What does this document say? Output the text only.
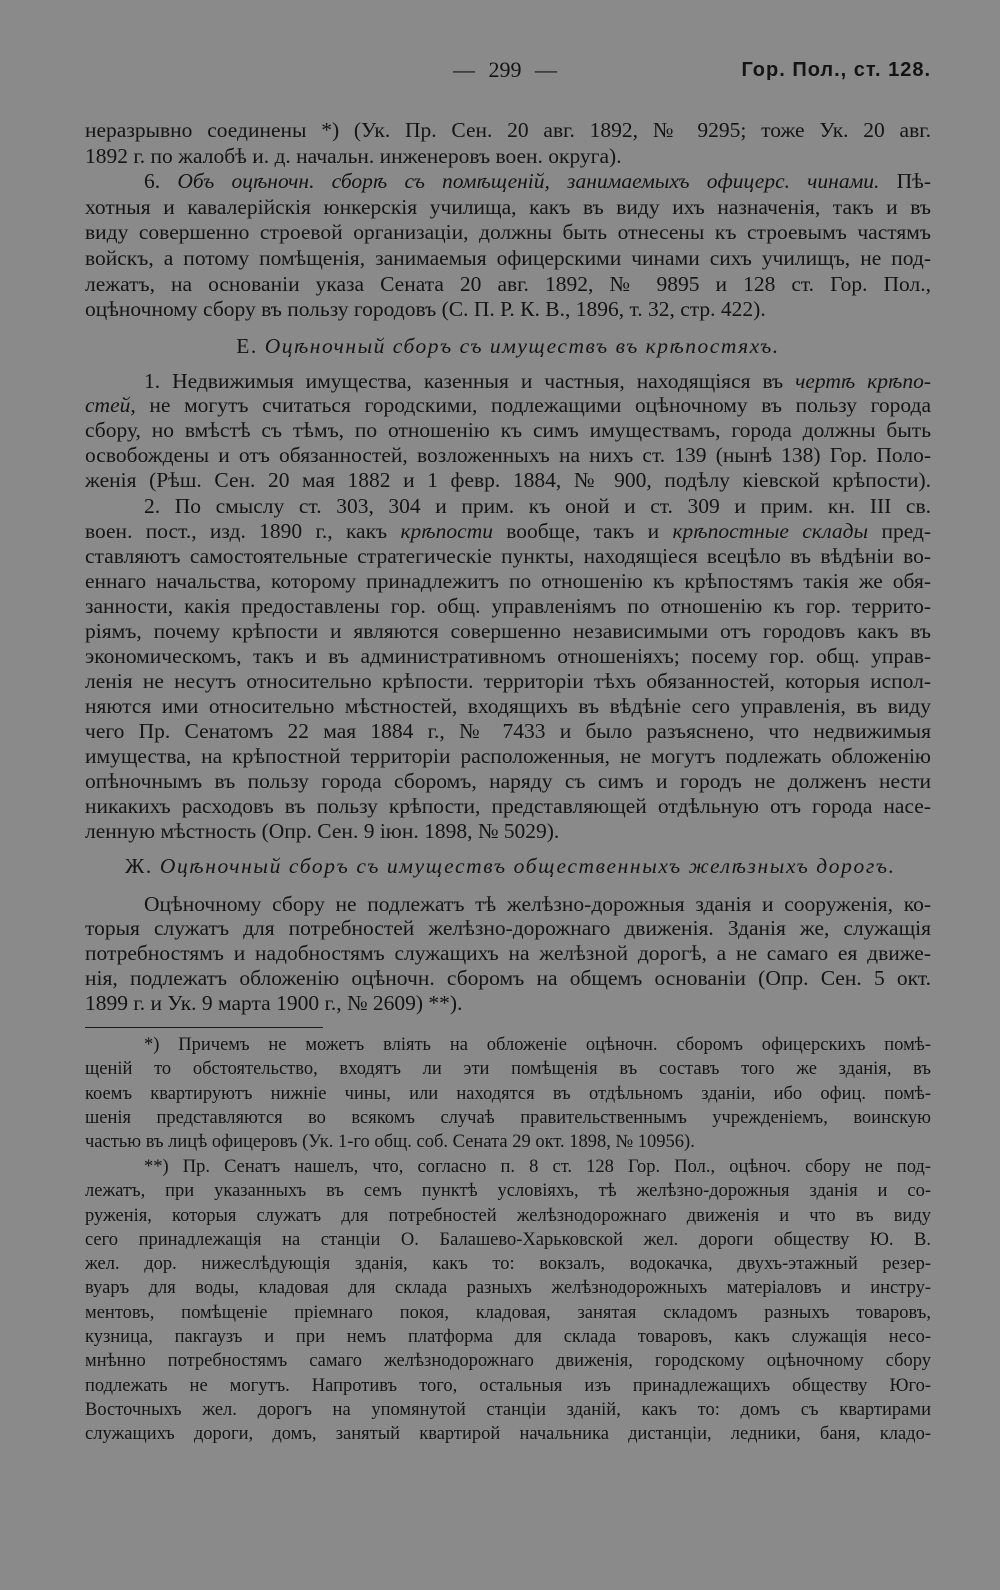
— 299 —	Гор. Пол., ст. 128.
неразрывно соединены *) (Ук. Пр. Сен. 20 авг. 1892, № 9295; тоже Ук. 20 авг.
1892 г. по жалобѣ и. д. начальн. инженеровъ воен. округа).
6. Объ оцѣночн. сборѣ съ помѣщеній, занимаемыхъ офицерс. чинами. Пѣ-
хотныя и кавалерійскія юнкерскія училища, какъ въ виду ихъ назначенія, такъ и въ
виду совершенно строевой организаціи, должны быть отнесены къ строевымъ частямъ
войскъ, а потому помѣщенія, занимаемыя офицерскими чинами сихъ училищъ, не под-
лежатъ, на основаніи указа Сената 20 авг. 1892, № 9895 и 128 ст. Гор. Пол.,
оцѣночному сбору въ пользу городовъ (С. П. Р. К. В., 1896, т. 32, стр. 422).
Е. Оцѣночный сборъ съ имуществъ въ крѣпостяхъ.
1. Недвижимыя имущества, казенныя и частныя, находящіяся въ чертѣ крѣпо-
стей, не могутъ считаться городскими, подлежащими оцѣночному въ пользу города
сбору, но вмѣстѣ съ тѣмъ, по отношенію къ симъ имуществамъ, города должны быть
освобождены и отъ обязанностей, возложенныхъ на нихъ ст. 139 (нынѣ 138) Гор. Поло-
женія (Рѣш. Сен. 20 мая 1882 и 1 февр. 1884, № 900, подѣлу кіевской крѣпости).
2. По смыслу ст. 303, 304 и прим. къ оной и ст. 309 и прим. кн. III св.
воен. пост., изд. 1890 г., какъ крѣпости вообще, такъ и крѣпостные склады пред-
ставляютъ самостоятельные стратегическіе пункты, находящіеся всецѣло въ вѣдѣніи во-
еннаго начальства, которому принадлежитъ по отношенію къ крѣпостямъ такія же обя-
занности, какія предоставлены гор. общ. управленіямъ по отношенію къ гор. террито-
ріямъ, почему крѣпости и являются совершенно независимыми отъ городовъ какъ въ
экономическомъ, такъ и въ административномъ отношеніяхъ; посему гор. общ. управ-
ленія не несутъ относительно крѣпости. территоріи тѣхъ обязанностей, которыя испол-
няются ими относительно мѣстностей, входящихъ въ вѣдѣніе сего управленія, въ виду
чего Пр. Сенатомъ 22 мая 1884 г., № 7433 и было разъяснено, что недвижимыя
имущества, на крѣпостной территоріи расположенныя, не могутъ подлежать обложенію
опѣночнымъ въ пользу города сборомъ, наряду съ симъ и городъ не долженъ нести
никакихъ расходовъ въ пользу крѣпости, представляющей отдѣльную отъ города насе-
ленную мѣстность (Опр. Сен. 9 іюн. 1898, № 5029).
Ж. Оцѣночный сборъ съ имуществъ общественныхъ желѣзныхъ дорогъ.
Оцѣночному сбору не подлежатъ тѣ желѣзно-дорожныя зданія и сооруженія, ко-
торыя служатъ для потребностей желѣзно-дорожнаго движенія. Зданія же, служащія
потребностямъ и надобностямъ служащихъ на желѣзной дорогѣ, а не самаго ея движе-
нія, подлежатъ обложенію оцѣночн. сборомъ на общемъ основаніи (Опр. Сен. 5 окт.
1899 г. и Ук. 9 марта 1900 г., № 2609) **).
*) Причемъ не можетъ вліять на обложеніе оцѣночн. сборомъ офицерскихъ помѣ-
щеній то обстоятельство, входятъ ли эти помѣщенія въ составъ того же зданія, въ
коемъ квартируютъ нижніе чины, или находятся въ отдѣльномъ зданіи, ибо офиц. помѣ-
шенія представляются во всякомъ случаѣ правительственнымъ учрежденіемъ, воинскую
частью въ лицѣ офицеровъ (Ук. 1-го общ. соб. Сената 29 окт. 1898, № 10956).
**) Пр. Сенатъ нашелъ, что, согласно п. 8 ст. 128 Гор. Пол., оцѣноч. сбору не под-
лежатъ, при указанныхъ въ семъ пунктѣ условіяхъ, тѣ желѣзно-дорожныя зданія и со-
руженія, которыя служатъ для потребностей желѣзнодорожнаго движенія и что въ виду
сего принадлежащія на станціи О. Балашево-Харьковской жел. дороги обществу Ю. В.
жел. дор. нижеслѣдующія зданія, какъ то: вокзалъ, водокачка, двухъ-этажный резер-
вуаръ для воды, кладовая для склада разныхъ желѣзнодорожныхъ матеріаловъ и инстру-
ментовъ, помѣщеніе пріемнаго покоя, кладовая, занятая складомъ разныхъ товаровъ,
кузница, пакгаузъ и при немъ платформа для склада товаровъ, какъ служащія несо-
мнѣнно потребностямъ самаго желѣзнодорожнаго движенія, городскому оцѣночному сбору
подлежать не могутъ. Напротивъ того, остальныя изъ принадлежащихъ обществу Юго-
Восточныхъ жел. дорогъ на упомянутой станціи зданій, какъ то: домъ съ квартирами
служащихъ дороги, домъ, занятый квартирой начальника дистанціи, ледники, баня, кладо-
